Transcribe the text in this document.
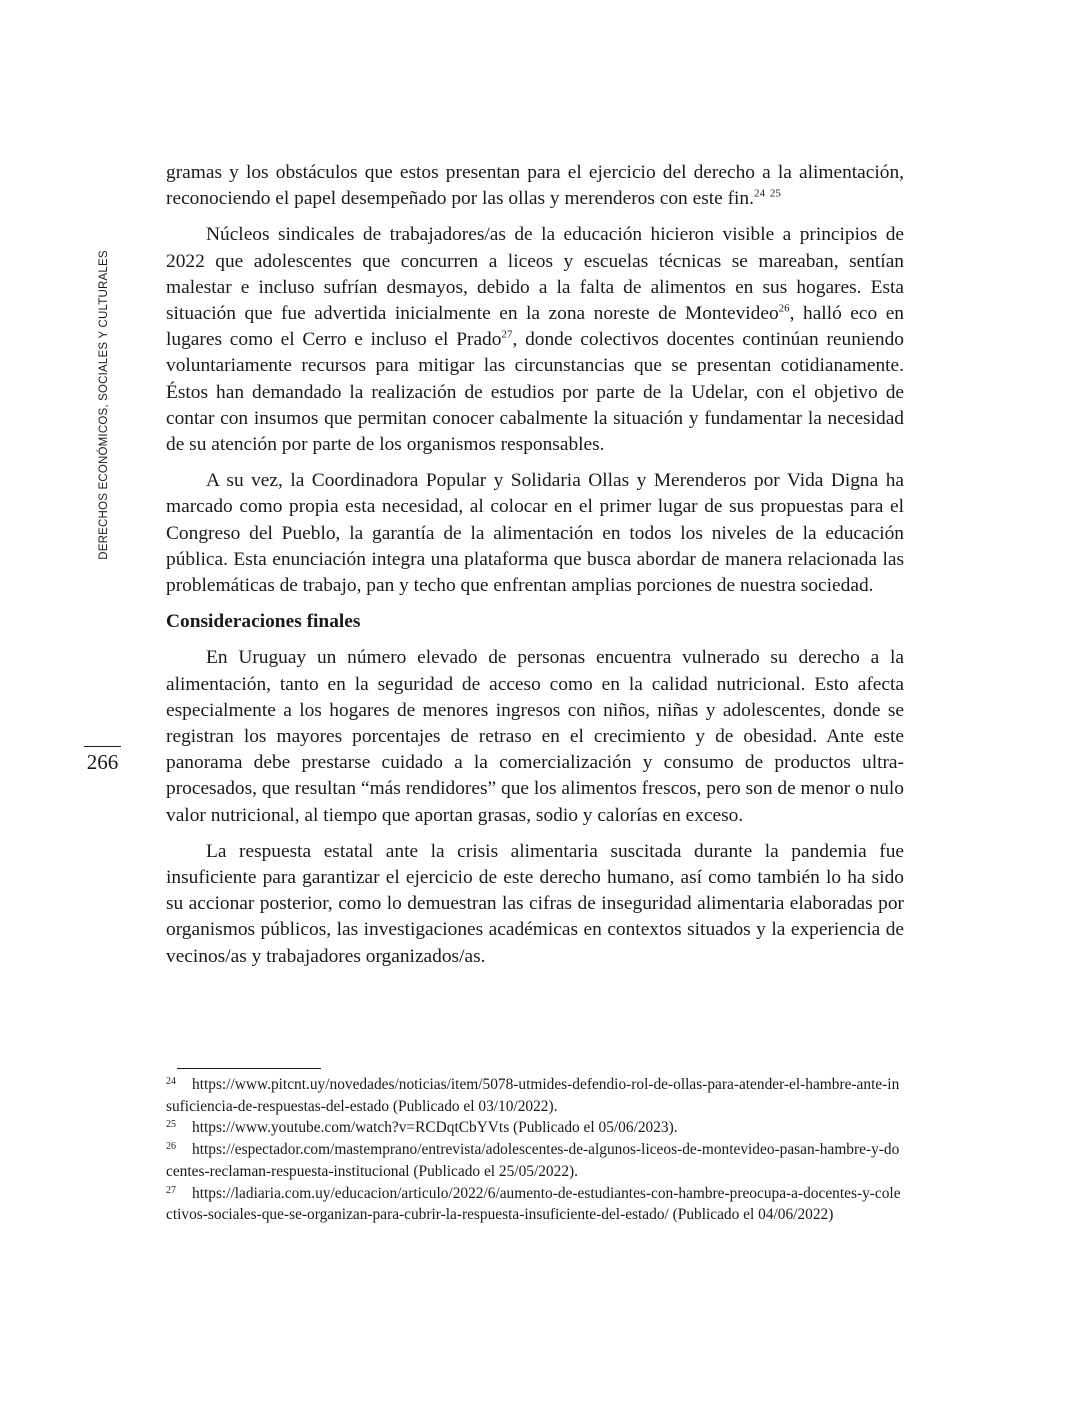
DERECHOS ECONÓMICOS, SOCIALES Y CULTURALES
266

gramas y los obstáculos que estos presentan para el ejercicio del derecho a la alimentación, reconociendo el papel desempeñado por las ollas y merenderos con este fin.$^{24}$ $^{25}$

Núcleos sindicales de trabajadores/as de la educación hicieron visible a principios de 2022 que adolescentes que concurren a liceos y escuelas técnicas se mareaban, sentían malestar e incluso sufrían desmayos, debido a la falta de alimentos en sus hogares. Esta situación que fue advertida inicialmente en la zona noreste de Montevideo$^{26}$, halló eco en lugares como el Cerro e incluso el Prado$^{27}$, donde colectivos docentes continúan reuniendo voluntariamente recursos para mitigar las circunstancias que se presentan cotidianamente. Éstos han demandado la realización de estudios por parte de la Udelar, con el objetivo de contar con insumos que permitan conocer cabalmente la situación y fundamentar la necesidad de su atención por parte de los organismos responsables.

A su vez, la Coordinadora Popular y Solidaria Ollas y Merenderos por Vida Digna ha marcado como propia esta necesidad, al colocar en el primer lugar de sus propuestas para el Congreso del Pueblo, la garantía de la alimentación en todos los niveles de la educación pública. Esta enunciación integra una plataforma que busca abordar de manera relacionada las problemáticas de trabajo, pan y techo que enfrentan amplias porciones de nuestra sociedad.

Consideraciones finales

En Uruguay un número elevado de personas encuentra vulnerado su derecho a la alimentación, tanto en la seguridad de acceso como en la calidad nutricional. Esto afecta especialmente a los hogares de menores ingresos con niños, niñas y adolescentes, donde se registran los mayores porcentajes de retraso en el crecimiento y de obesidad. Ante este panorama debe prestarse cuidado a la comercialización y consumo de productos ultra-procesados, que resultan “más rendidores” que los alimentos frescos, pero son de menor o nulo valor nutricional, al tiempo que aportan grasas, sodio y calorías en exceso.

La respuesta estatal ante la crisis alimentaria suscitada durante la pandemia fue insuficiente para garantizar el ejercicio de este derecho humano, así como también lo ha sido su accionar posterior, como lo demuestran las cifras de inseguridad alimentaria elaboradas por organismos públicos, las investigaciones académicas en contextos situados y la experiencia de vecinos/as y trabajadores organizados/as.

24 https://www.pitcnt.uy/novedades/noticias/item/5078-utmides-defendio-rol-de-ollas-para-atender-el-hambre-ante-insuficiencia-de-respuestas-del-estado (Publicado el 03/10/2022).

25 https://www.youtube.com/watch?v=RCDqtCbYVts (Publicado el 05/06/2023).

26 https://espectador.com/mastemprano/entrevista/adolescentes-de-algunos-liceos-de-montevideo-pasan-hambre-y-docentes-reclaman-respuesta-institucional (Publicado el 25/05/2022).

27 https://ladiaria.com.uy/educacion/articulo/2022/6/aumento-de-estudiantes-con-hambre-preocupa-a-docentes-y-colectivos-sociales-que-se-organizan-para-cubrir-la-respuesta-insuficiente-del-estado/ (Publicado el 04/06/2022)
